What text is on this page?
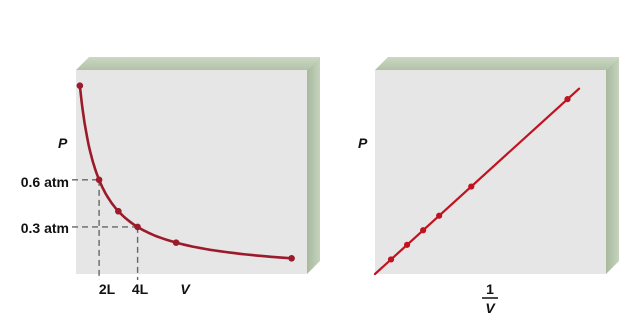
P
0.6 atm
0.3 atm
2L 4L V
P
1
V
